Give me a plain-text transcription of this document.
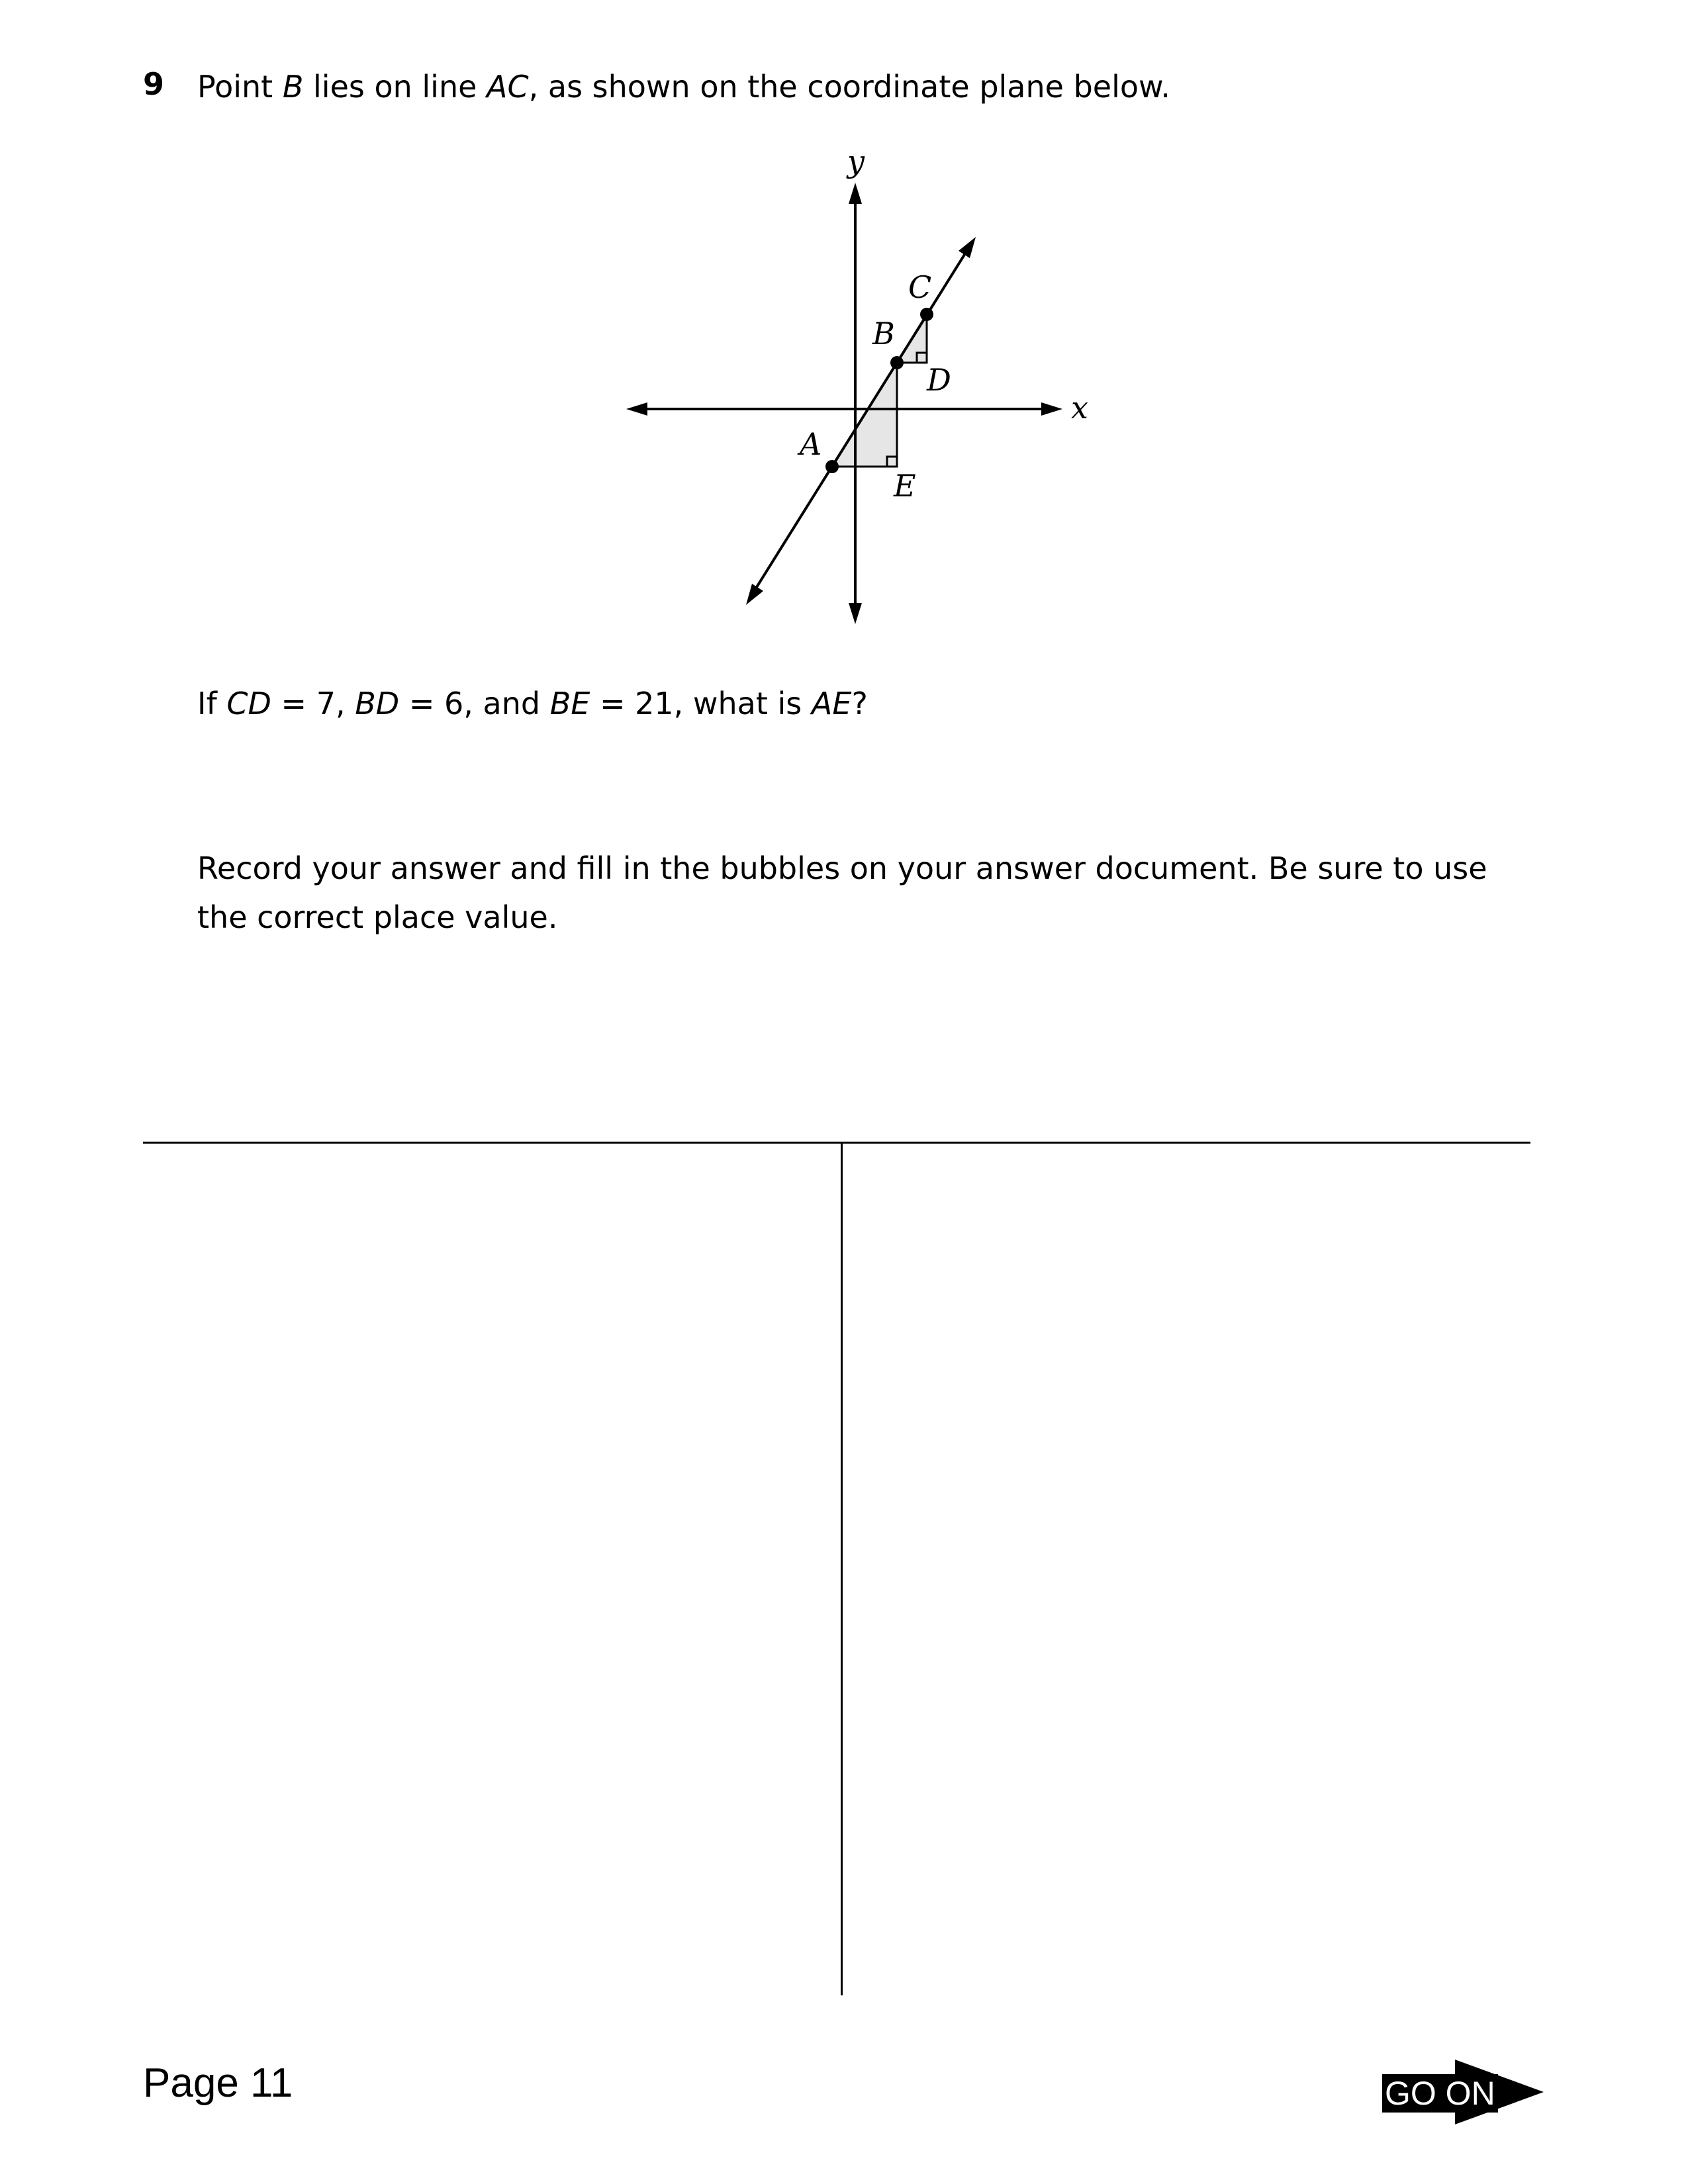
9 Point B lies on line AC, as shown on the coordinate plane below.
y
x
A
B
C
D
E
If CD = 7, BD = 6, and BE = 21, what is AE?
Record your answer and fill in the bubbles on your answer document. Be sure to use the correct place value.
Page 11	GO ON
